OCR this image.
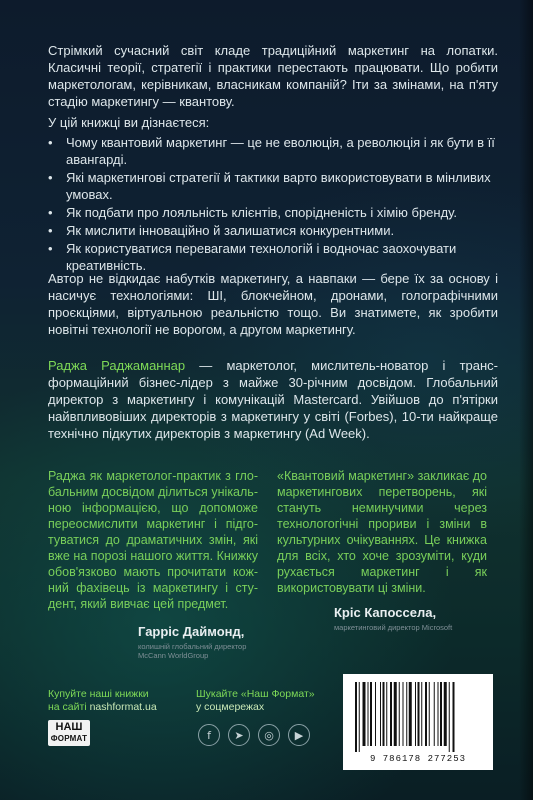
Стрімкий сучасний світ кладе традиційний маркетинг на лопатки. Класичні теорії, стратегії і практики перестають працювати. Що робити маркетологам, керівникам, власникам компаній? Іти за змінами, на п'яту стадію маркетингу — квантову.

У цій книжці ви дізнаєтеся:

• Чому квантовий маркетинг — це не еволюція, а революція і як бути в її авангарді.
• Які маркетингові стратегії й тактики варто використовувати в мінливих умовах.
• Як подбати про лояльність клієнтів, спорідненість і хімію бренду.
• Як мислити інноваційно й залишатися конкурентними.
• Як користуватися перевагами технологій і водночас заохочувати креативність.

Автор не відкидає набутків маркетингу, а навпаки — бере їх за основу і насичує технологіями: ШІ, блокчейном, дронами, голографічними проєкціями, віртуальною реальністю тощо. Ви знатимете, як зробити новітні технології не ворогом, а другом маркетингу.

Раджа Раджаманнар — маркетолог, мислитель-новатор і трансформаційний бізнес-лідер з майже 30-річним досвідом. Глобальний директор з маркетингу і комунікацій Mastercard. Увійшов до п'ятірки найвпливовіших директорів з маркетингу у світі (Forbes), 10-ти найкраще технічно підкутих директорів з маркетингу (Ad Week).

Раджа як маркетолог-практик з глобальним досвідом ділиться унікальною інформацією, що допоможе переосмислити маркетинг і підготуватися до драматичних змін, які вже на порозі нашого життя. Книжку обов'язково мають прочитати кожний фахівець із маркетингу і студент, який вивчає цей предмет.

«Квантовий маркетинг» закликає до маркетингових перетворень, які стануть неминучими через технологогічні прориви і зміни в культурних очікуваннях. Це книжка для всіх, хто хоче зрозуміти, куди рухається маркетинг і як використовувати ці зміни.

Гарріс Даймонд,
колишній глобальний директор
McCann WorldGroup
Кріс Капоссела,
маркетинговий директор Microsoft
Купуйте наші книжки
на сайті nashformat.ua
НАШ
ФОРМАТ
Шукайте «Наш Формат»
у соцмережах
f	➤	◎	▶
9 786178 277253
